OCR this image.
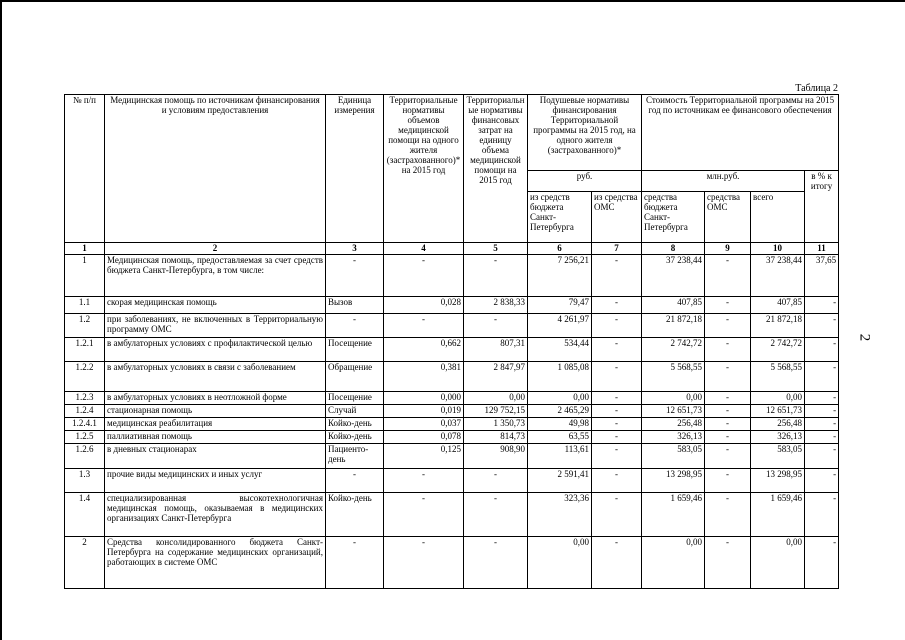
2
Таблица 2
№ п/п	Медицинская помощь по источникам финансирования и условиям предоставления	Единица измерения	Территориальные нормативы объемов медицинской помощи на одного жителя (застрахованного)* на 2015 год	Территориальные нормативы финансовых затрат на единицу объема медицинской помощи на 2015 год	Подушевые нормативы финансирования Территориальной программы на 2015 год, на одного жителя (застрахованного)*		Стоимость Территориальной программы на 2015 год по источникам ее финансового обеспечения			
					руб.		млн.руб.			в % к итогу
					из средств бюджета Санкт-Петербурга	из средства ОМС	средства бюджета Санкт-Петербурга	средства ОМС	всего	
1	2	3	4	5	6	7	8	9	10	11
1	Медицинская помощь, предоставляемая за счет средств бюджета Санкт-Петербурга, в том числе:	-	-	-	7 256,21	-	37 238,44	-	37 238,44	37,65
1.1	скорая медицинская помощь	Вызов	0,028	2 838,33	79,47	-	407,85	-	407,85	-
1.2	при заболеваниях, не включенных в Территориальную программу ОМС	-	-	-	4 261,97	-	21 872,18	-	21 872,18	-
1.2.1	в амбулаторных условиях с профилактической целью	Посещение	0,662	807,31	534,44	-	2 742,72	-	2 742,72	-
1.2.2	в амбулаторных условиях в связи с заболеванием	Обращение	0,381	2 847,97	1 085,08	-	5 568,55	-	5 568,55	-
1.2.3	в амбулаторных условиях в неотложной форме	Посещение	0,000	0,00	0,00	-	0,00	-	0,00	-
1.2.4	стационарная помощь	Случай	0,019	129 752,15	2 465,29	-	12 651,73	-	12 651,73	-
1.2.4.1	медицинская реабилитация	Койко-день	0,037	1 350,73	49,98	-	256,48	-	256,48	-
1.2.5	паллиативная помощь	Койко-день	0,078	814,73	63,55	-	326,13	-	326,13	-
1.2.6	в дневных стационарах	Пациенто-день	0,125	908,90	113,61	-	583,05	-	583,05	-
1.3	прочие виды медицинских и иных услуг	-	-	-	2 591,41	-	13 298,95	-	13 298,95	-
1.4	специализированная высокотехнологичная медицинская помощь, оказываемая в медицинских организациях Санкт-Петербурга	Койко-день	-	-	323,36	-	1 659,46	-	1 659,46	-
2	Средства консолидированного бюджета Санкт-Петербурга на содержание медицинских организаций, работающих в системе ОМС	-	-	-	0,00	-	0,00	-	0,00	-
